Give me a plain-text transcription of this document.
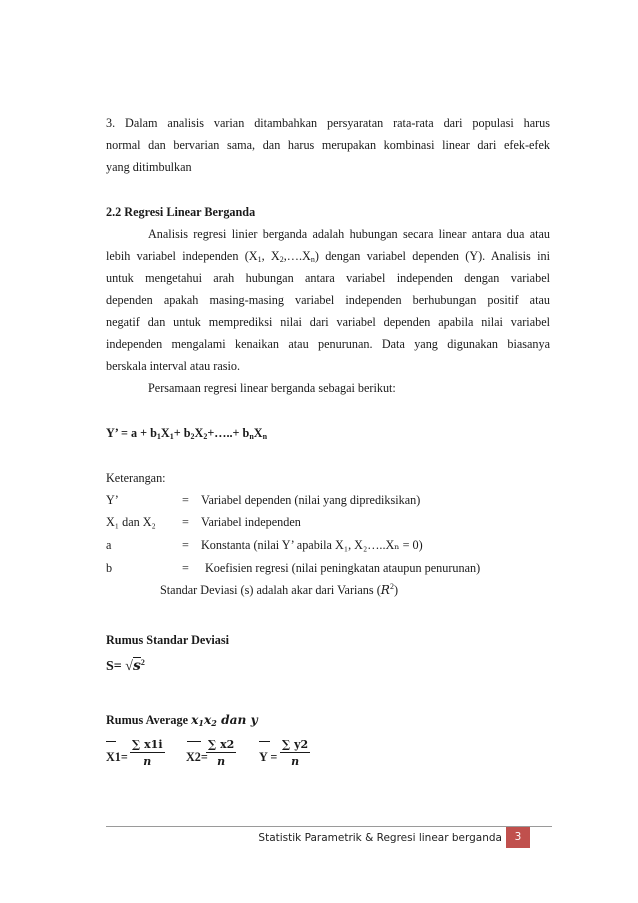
3. Dalam analisis varian ditambahkan persyaratan rata-rata dari populasi harus
normal dan bervarian sama, dan harus merupakan kombinasi linear dari efek-efek
yang ditimbulkan
2.2 Regresi Linear Berganda
Analisis regresi linier berganda adalah hubungan secara linear antara dua atau
lebih variabel independen ($X_1$, $X_2,\dots.X_n$) dengan variabel dependen (Y). Analisis ini
untuk mengetahui arah hubungan antara variabel independen dengan variabel
dependen apakah masing-masing variabel independen berhubungan positif atau
negatif dan untuk memprediksi nilai dari variabel dependen apabila nilai variabel
independen mengalami kenaikan atau penurunan. Data yang digunakan biasanya
berskala interval atau rasio.
Persamaan regresi linear berganda sebagai berikut:
Y’ = $a + b_1X_1+$ $b_2X_2+\dots..+ b_nX_n$
Keterangan:
Y’	= Variabel dependen (nilai yang diprediksikan)
X₁ dan X₂ = Variabel independen
a	= Konstanta (nilai Y’ apabila X₁, X₂…..Xₙ = 0)
b	= Koefisien regresi (nilai peningkatan ataupun penurunan)
Standar Deviasi (s) adalah akar dari Varians $(R^2)$
Rumus Standar Deviasi
$S= √s^2$
Rumus Average $x_1x_2$ dan y
$X1= \frac{\sum x1i}{n} X2=$
$\frac{\sum x2}{n}$ $Y = \frac{\sum y2}{n}$
Statistik Parametrik & Regresi linear berganda	3
